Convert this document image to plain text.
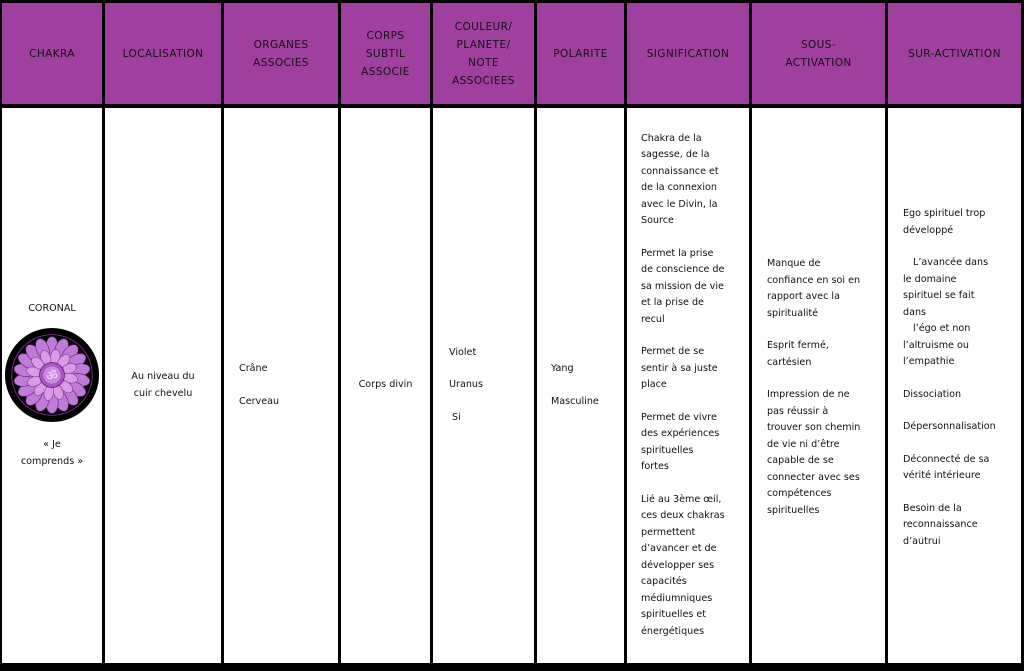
CHAKRA	LOCALISATION
ORGANES
ASSOCIES
CORPS
SUBTIL
ASSOCIE
COULEUR/
PLANETE/
NOTE
ASSOCIEES
POLARITE	SIGNIFICATION
SOUS-
ACTIVATION
SUR-ACTIVATION
CORONAL
ॐ
« Je
comprends »
Au niveau du
cuir chevelu
Crâne
Cerveau
Corps divin
Violet
Uranus
Si
Yang
Masculine
Chakra de la
sagesse, de la
connaissance et
de la connexion
avec le Divin, la
Source
Permet la prise
de conscience de
sa mission de vie
et la prise de
recul
Permet de se
sentir à sa juste
place
Permet de vivre
des expériences
spirituelles
fortes
Lié au 3ème œil,
ces deux chakras
permettent
d’avancer et de
développer ses
capacités
médiumniques
spirituelles et
énergétiques
Manque de
confiance en soi en
rapport avec la
spiritualité
Esprit fermé,
cartésien
Impression de ne
pas réussir à
trouver son chemin
de vie ni d’être
capable de se
connecter avec ses
compétences
spirituelles
Ego spirituel trop
développé
L’avancée dans
le domaine
spirituel se fait
dans
l’égo et non
l’altruisme ou
l’empathie
Dissociation
Dépersonnalisation
Déconnecté de sa
vérité intérieure
Besoin de la
reconnaissance
d’autrui
